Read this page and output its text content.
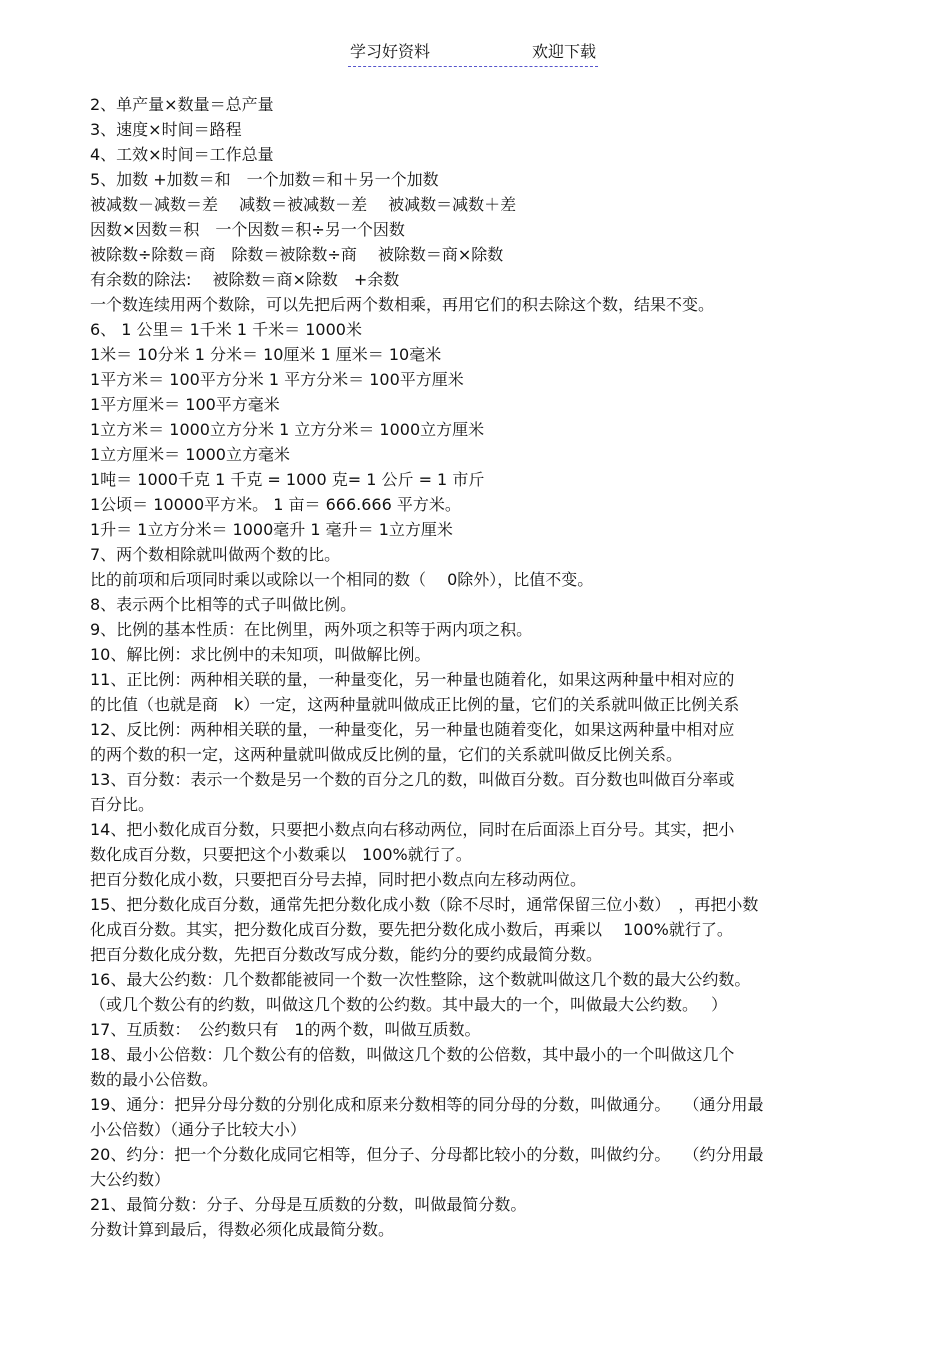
学习好资料	欢迎下载
2、单产量×数量＝总产量
3、速度×时间＝路程
4、工效×时间＝工作总量
5、加数 +加数＝和　一个加数＝和＋另一个加数
被减数－减数＝差　 减数＝被减数－差　 被减数＝减数＋差
因数×因数＝积　一个因数＝积÷另一个因数
被除数÷除数＝商　除数＝被除数÷商　 被除数＝商×除数
有余数的除法:　 被除数＝商×除数　+余数
一个数连续用两个数除，可以先把后两个数相乘，再用它们的积去除这个数，结果不变。
6、 1 公里＝ 1千米 1 千米＝ 1000米
1米＝ 10分米 1 分米＝ 10厘米 1 厘米＝ 10毫米
1平方米＝ 100平方分米 1 平方分米＝ 100平方厘米
1平方厘米＝ 100平方毫米
1立方米＝ 1000立方分米 1 立方分米＝ 1000立方厘米
1立方厘米＝ 1000立方毫米
1吨＝ 1000千克 1 千克 = 1000 克= 1 公斤 = 1 市斤
1公顷＝ 10000平方米。 1 亩＝ 666.666 平方米。
1升＝ 1立方分米＝ 1000毫升 1 毫升＝ 1立方厘米
7、两个数相除就叫做两个数的比。
比的前项和后项同时乘以或除以一个相同的数（　 0除外），比值不变。
8、表示两个比相等的式子叫做比例。
9、比例的基本性质：在比例里，两外项之积等于两内项之积。
10、解比例：求比例中的未知项，叫做解比例。
11、正比例：两种相关联的量，一种量变化，另一种量也随着化，如果这两种量中相对应的
的比值（也就是商　k）一定，这两种量就叫做成正比例的量，它们的关系就叫做正比例关系
12、反比例：两种相关联的量，一种量变化，另一种量也随着变化，如果这两种量中相对应
的两个数的积一定，这两种量就叫做成反比例的量，它们的关系就叫做反比例关系。
13、百分数：表示一个数是另一个数的百分之几的数，叫做百分数。百分数也叫做百分率或
百分比。
14、把小数化成百分数，只要把小数点向右移动两位，同时在后面添上百分号。其实，把小
数化成百分数，只要把这个小数乘以　100%就行了。
把百分数化成小数，只要把百分号去掉，同时把小数点向左移动两位。
15、把分数化成百分数，通常先把分数化成小数（除不尽时，通常保留三位小数）　，再把小数
化成百分数。其实，把分数化成百分数，要先把分数化成小数后，再乘以　 100%就行了。
把百分数化成分数，先把百分数改写成分数，能约分的要约成最简分数。
16、最大公约数：几个数都能被同一个数一次性整除，这个数就叫做这几个数的最大公约数。
（或几个数公有的约数，叫做这几个数的公约数。其中最大的一个，叫做最大公约数。　 ）
17、互质数：　公约数只有　1的两个数，叫做互质数。
18、最小公倍数：几个数公有的倍数，叫做这几个数的公倍数，其中最小的一个叫做这几个
数的最小公倍数。
19、通分：把异分母分数的分别化成和原来分数相等的同分母的分数，叫做通分。　 （通分用最
小公倍数）（通分子比较大小）
20、约分：把一个分数化成同它相等，但分子、分母都比较小的分数，叫做约分。　 （约分用最
大公约数）
21、最简分数：分子、分母是互质数的分数，叫做最简分数。
分数计算到最后，得数必须化成最简分数。
